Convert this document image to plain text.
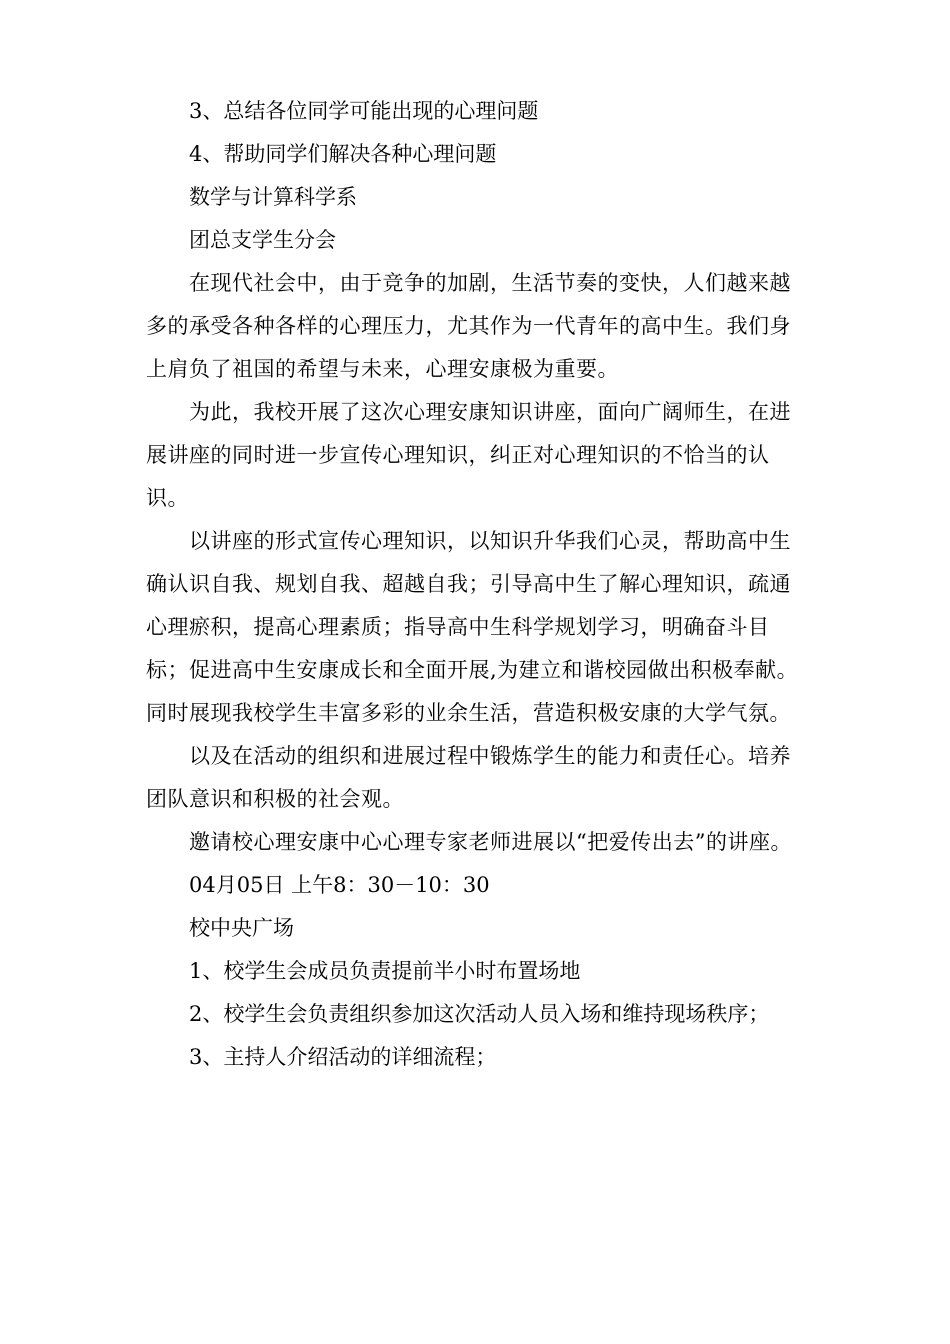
3、总结各位同学可能出现的心理问题

4、帮助同学们解决各种心理问题

数学与计算科学系

团总支学生分会

在现代社会中，由于竞争的加剧，生活节奏的变快，人们越来越多的承受各种各样的心理压力，尤其作为一代青年的高中生。我们身上肩负了祖国的希望与未来，心理安康极为重要。

为此，我校开展了这次心理安康知识讲座，面向广阔师生，在进展讲座的同时进一步宣传心理知识，纠正对心理知识的不恰当的认识。

以讲座的形式宣传心理知识，以知识升华我们心灵，帮助高中生确认识自我、规划自我、超越自我；引导高中生了解心理知识，疏通心理瘀积，提高心理素质；指导高中生科学规划学习，明确奋斗目标；促进高中生安康成长和全面开展,为建立和谐校园做出积极奉献。同时展现我校学生丰富多彩的业余生活，营造积极安康的大学气氛。

以及在活动的组织和进展过程中锻炼学生的能力和责任心。培养团队意识和积极的社会观。

邀请校心理安康中心心理专家老师进展以“把爱传出去”的讲座。

04月05日 上午8：30－10：30

校中央广场

1、校学生会成员负责提前半小时布置场地

2、校学生会负责组织参加这次活动人员入场和维持现场秩序；

3、主持人介绍活动的详细流程；
